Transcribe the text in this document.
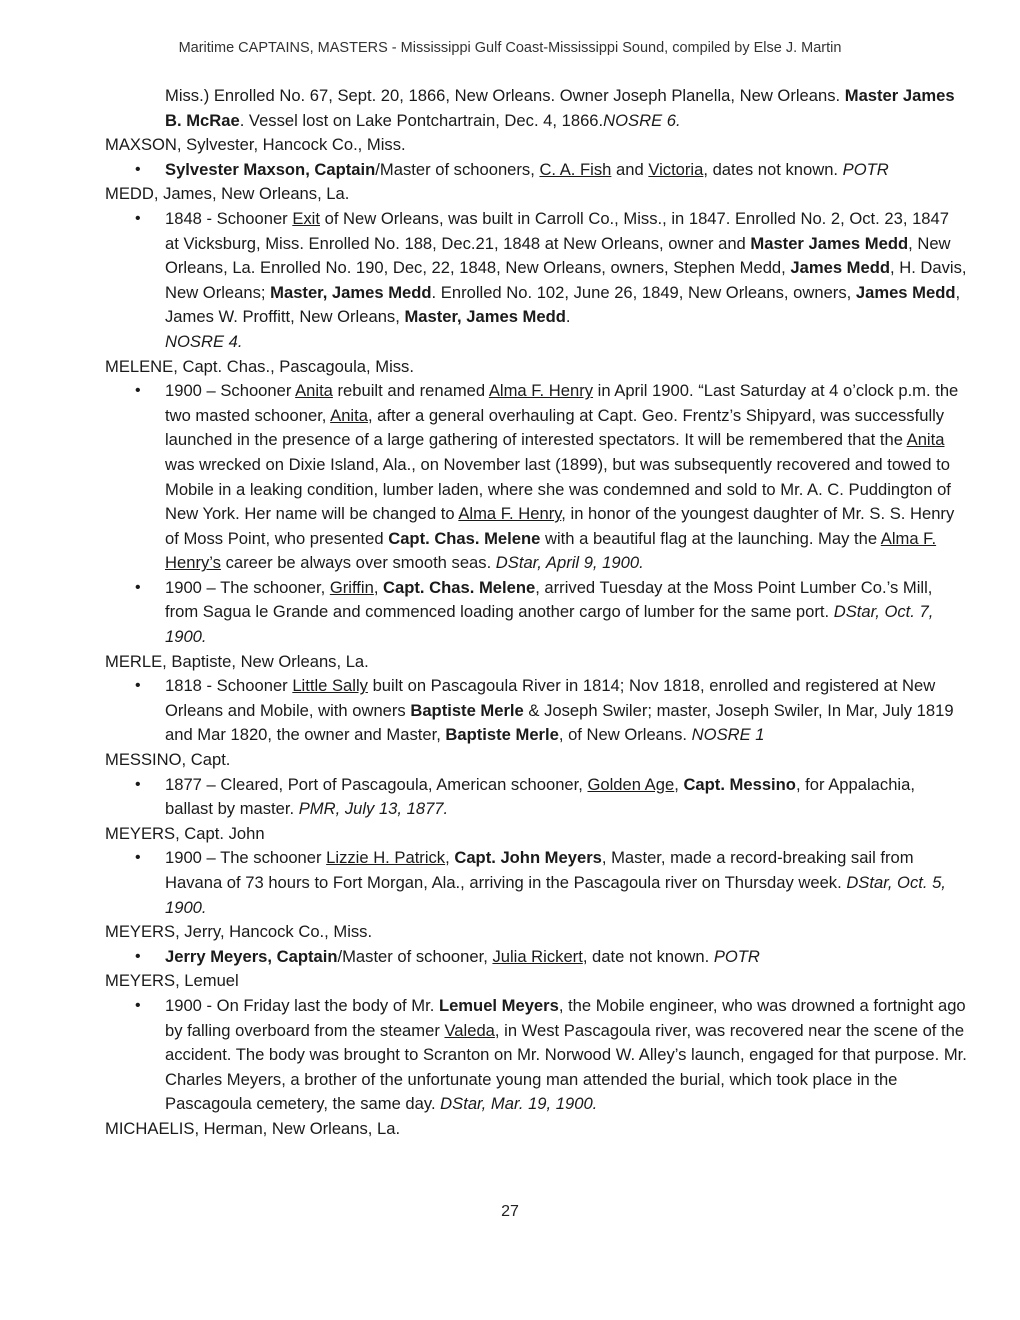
Maritime CAPTAINS, MASTERS - Mississippi Gulf Coast-Mississippi Sound, compiled by Else J. Martin

Miss.) Enrolled No. 67, Sept. 20, 1866, New Orleans. Owner Joseph Planella, New Orleans. Master James B. McRae. Vessel lost on Lake Pontchartrain, Dec. 4, 1866.NOSRE 6.

MAXSON, Sylvester, Hancock Co., Miss.

• Sylvester Maxson, Captain/Master of schooners, C. A. Fish and Victoria, dates not known. POTR

MEDD, James, New Orleans, La.

• 1848 - Schooner Exit of New Orleans, was built in Carroll Co., Miss., in 1847. Enrolled No. 2, Oct. 23, 1847 at Vicksburg, Miss. Enrolled No. 188, Dec.21, 1848 at New Orleans, owner and Master James Medd, New Orleans, La. Enrolled No. 190, Dec, 22, 1848, New Orleans, owners, Stephen Medd, James Medd, H. Davis, New Orleans; Master, James Medd. Enrolled No. 102, June 26, 1849, New Orleans, owners, James Medd, James W. Proffitt, New Orleans, Master, James Medd.
NOSRE 4.

MELENE, Capt. Chas., Pascagoula, Miss.

• 1900 – Schooner Anita rebuilt and renamed Alma F. Henry in April 1900. “Last Saturday at 4 o’clock p.m. the two masted schooner, Anita, after a general overhauling at Capt. Geo. Frentz’s Shipyard, was successfully launched in the presence of a large gathering of interested spectators. It will be remembered that the Anita was wrecked on Dixie Island, Ala., on November last (1899), but was subsequently recovered and towed to Mobile in a leaking condition, lumber laden, where she was condemned and sold to Mr. A. C. Puddington of New York. Her name will be changed to Alma F. Henry, in honor of the youngest daughter of Mr. S. S. Henry of Moss Point, who presented Capt. Chas. Melene with a beautiful flag at the launching. May the Alma F. Henry’s career be always over smooth seas. DStar, April 9, 1900.
• 1900 – The schooner, Griffin, Capt. Chas. Melene, arrived Tuesday at the Moss Point Lumber Co.’s Mill, from Sagua le Grande and commenced loading another cargo of lumber for the same port. DStar, Oct. 7, 1900.

MERLE, Baptiste, New Orleans, La.

• 1818 - Schooner Little Sally built on Pascagoula River in 1814; Nov 1818, enrolled and registered at New Orleans and Mobile, with owners Baptiste Merle & Joseph Swiler; master, Joseph Swiler, In Mar, July 1819 and Mar 1820, the owner and Master, Baptiste Merle, of New Orleans. NOSRE 1

MESSINO, Capt.

• 1877 – Cleared, Port of Pascagoula, American schooner, Golden Age, Capt. Messino, for Appalachia, ballast by master. PMR, July 13, 1877.

MEYERS, Capt. John

• 1900 – The schooner Lizzie H. Patrick, Capt. John Meyers, Master, made a record-breaking sail from Havana of 73 hours to Fort Morgan, Ala., arriving in the Pascagoula river on Thursday week. DStar, Oct. 5, 1900.

MEYERS, Jerry, Hancock Co., Miss.

• Jerry Meyers, Captain/Master of schooner, Julia Rickert, date not known. POTR

MEYERS, Lemuel

• 1900 - On Friday last the body of Mr. Lemuel Meyers, the Mobile engineer, who was drowned a fortnight ago by falling overboard from the steamer Valeda, in West Pascagoula river, was recovered near the scene of the accident. The body was brought to Scranton on Mr. Norwood W. Alley’s launch, engaged for that purpose. Mr. Charles Meyers, a brother of the unfortunate young man attended the burial, which took place in the Pascagoula cemetery, the same day. DStar, Mar. 19, 1900.

MICHAELIS, Herman, New Orleans, La.

27
